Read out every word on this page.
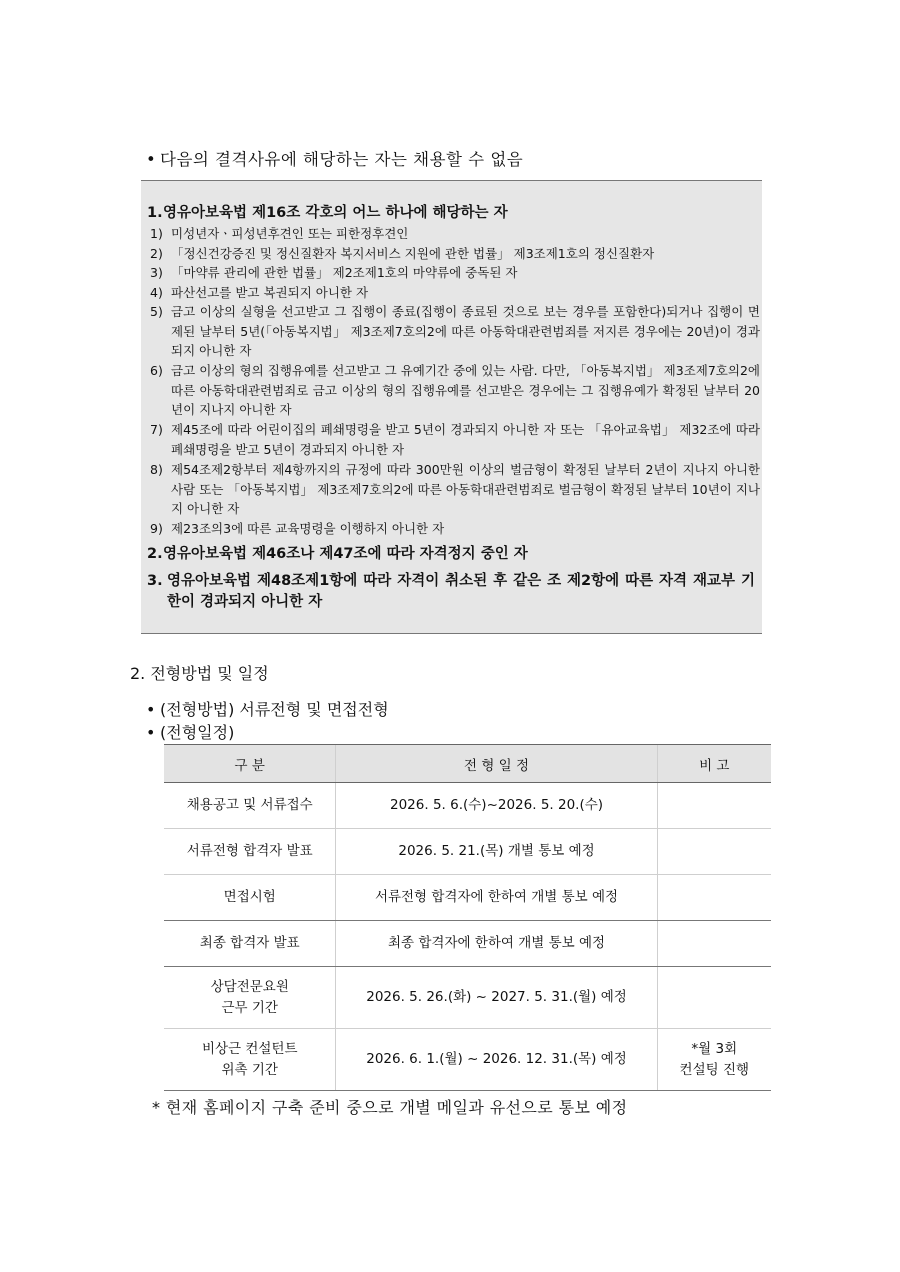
• 다음의 결격사유에 해당하는 자는 채용할 수 없음
1.영유아보육법 제16조 각호의 어느 하나에 해당하는 자
1) 미성년자ㆍ피성년후견인 또는 피한정후견인
2) 「정신건강증진 및 정신질환자 복지서비스 지원에 관한 법률」 제3조제1호의 정신질환자
3) 「마약류 관리에 관한 법률」 제2조제1호의 마약류에 중독된 자
4) 파산선고를 받고 복권되지 아니한 자
5) 금고 이상의 실형을 선고받고 그 집행이 종료(집행이 종료된 것으로 보는 경우를 포함한다)되거나 집행이 면제된 날부터 5년(「아동복지법」 제3조제7호의2에 따른 아동학대관련범죄를 저지른 경우에는 20년)이 경과되지 아니한 자
6) 금고 이상의 형의 집행유예를 선고받고 그 유예기간 중에 있는 사람. 다만, 「아동복지법」 제3조제7호의2에 따른 아동학대관련범죄로 금고 이상의 형의 집행유예를 선고받은 경우에는 그 집행유예가 확정된 날부터 20년이 지나지 아니한 자
7) 제45조에 따라 어린이집의 폐쇄명령을 받고 5년이 경과되지 아니한 자 또는 「유아교육법」 제32조에 따라 폐쇄명령을 받고 5년이 경과되지 아니한 자
8) 제54조제2항부터 제4항까지의 규정에 따라 300만원 이상의 벌금형이 확정된 날부터 2년이 지나지 아니한 사람 또는 「아동복지법」 제3조제7호의2에 따른 아동학대관련범죄로 벌금형이 확정된 날부터 10년이 지나지 아니한 자
9) 제23조의3에 따른 교육명령을 이행하지 아니한 자
2.영유아보육법 제46조나 제47조에 따라 자격정지 중인 자
3. 영유아보육법 제48조제1항에 따라 자격이 취소된 후 같은 조 제2항에 따른 자격 재교부 기한이 경과되지 아니한 자
2. 전형방법 및 일정
• (전형방법) 서류전형 및 면접전형
• (전형일정)
구 분	전 형 일 정	비 고
채용공고 및 서류접수	2026. 5. 6.(수)~2026. 5. 20.(수)	
서류전형 합격자 발표	2026. 5. 21.(목) 개별 통보 예정	
면접시험	서류전형 합격자에 한하여 개별 통보 예정	
최종 합격자 발표	최종 합격자에 한하여 개별 통보 예정	
상담전문요원
근무 기간	2026. 5. 26.(화) ~ 2027. 5. 31.(월) 예정	
비상근 컨설턴트
위촉 기간	2026. 6. 1.(월) ~ 2026. 12. 31.(목) 예정	*월 3회
컨설팅 진행
* 현재 홈페이지 구축 준비 중으로 개별 메일과 유선으로 통보 예정
